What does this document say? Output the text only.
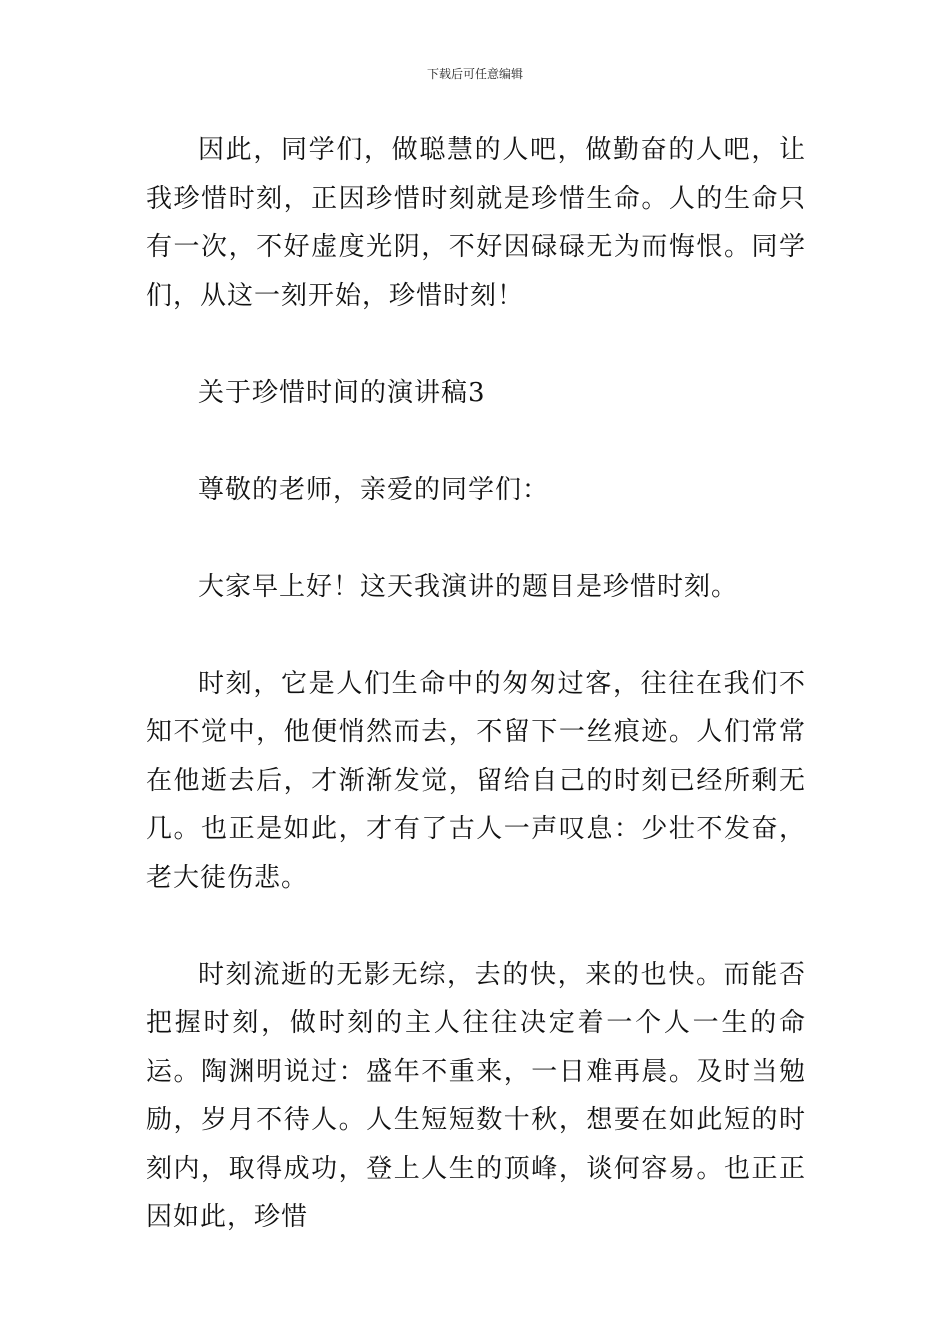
下载后可任意编辑

因此，同学们，做聪慧的人吧，做勤奋的人吧，让我珍惜时刻，正因珍惜时刻就是珍惜生命。人的生命只有一次，不好虚度光阴，不好因碌碌无为而悔恨。同学们，从这一刻开始，珍惜时刻！

关于珍惜时间的演讲稿3

尊敬的老师，亲爱的同学们：

大家早上好！这天我演讲的题目是珍惜时刻。

时刻，它是人们生命中的匆匆过客，往往在我们不知不觉中，他便悄然而去，不留下一丝痕迹。人们常常在他逝去后，才渐渐发觉，留给自己的时刻已经所剩无几。也正是如此，才有了古人一声叹息：少壮不发奋，老大徒伤悲。

时刻流逝的无影无综，去的快，来的也快。而能否把握时刻，做时刻的主人往往决定着一个人一生的命运。陶渊明说过：盛年不重来，一日难再晨。及时当勉励，岁月不待人。人生短短数十秋，想要在如此短的时刻内，取得成功，登上人生的顶峰，谈何容易。也正正因如此，珍惜
